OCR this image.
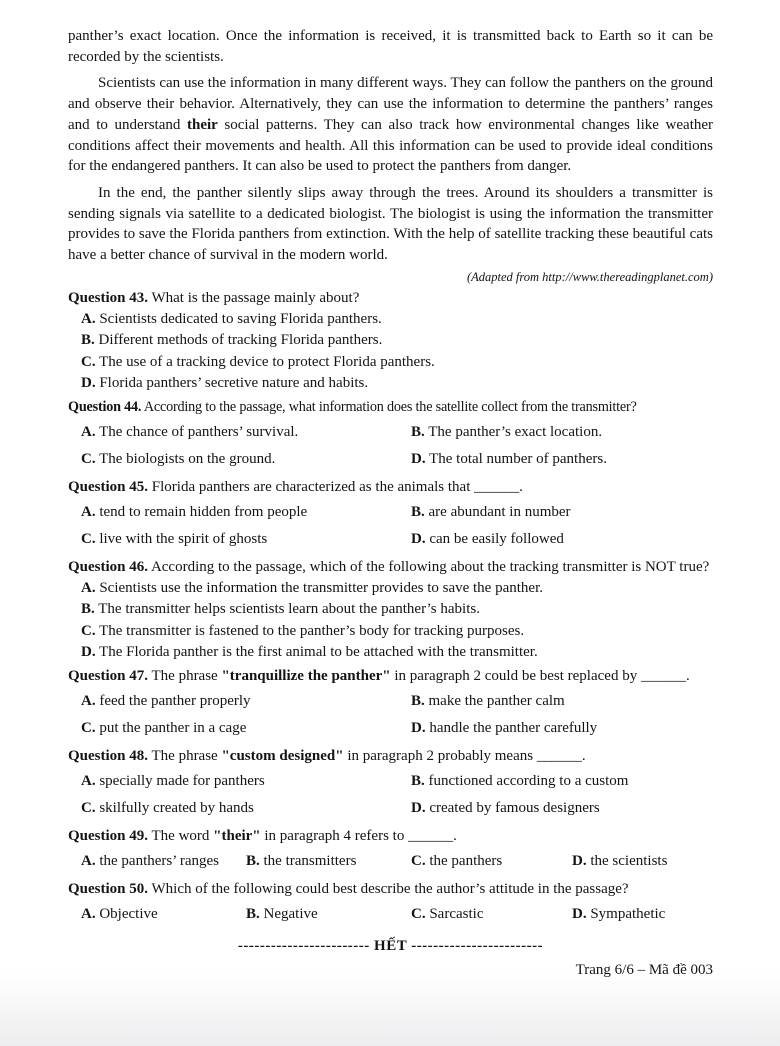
panther’s exact location. Once the information is received, it is transmitted back to Earth so it can be recorded by the scientists.

Scientists can use the information in many different ways. They can follow the panthers on the ground and observe their behavior. Alternatively, they can use the information to determine the panthers’ ranges and to understand their social patterns. They can also track how environmental changes like weather conditions affect their movements and health. All this information can be used to provide ideal conditions for the endangered panthers. It can also be used to protect the panthers from danger.

In the end, the panther silently slips away through the trees. Around its shoulders a transmitter is sending signals via satellite to a dedicated biologist. The biologist is using the information the transmitter provides to save the Florida panthers from extinction. With the help of satellite tracking these beautiful cats have a better chance of survival in the modern world.

(Adapted from http://www.thereadingplanet.com)
Question 43. What is the passage mainly about?
A. Scientists dedicated to saving Florida panthers.
B. Different methods of tracking Florida panthers.
C. The use of a tracking device to protect Florida panthers.
D. Florida panthers’ secretive nature and habits.
Question 44. According to the passage, what information does the satellite collect from the transmitter?
A. The chance of panthers’ survival.	B. The panther’s exact location.
C. The biologists on the ground.	D. The total number of panthers.
Question 45. Florida panthers are characterized as the animals that ______.
A. tend to remain hidden from people	B. are abundant in number
C. live with the spirit of ghosts	D. can be easily followed
Question 46. According to the passage, which of the following about the tracking transmitter is NOT true?
A. Scientists use the information the transmitter provides to save the panther.
B. The transmitter helps scientists learn about the panther’s habits.
C. The transmitter is fastened to the panther’s body for tracking purposes.
D. The Florida panther is the first animal to be attached with the transmitter.
Question 47. The phrase "tranquillize the panther" in paragraph 2 could be best replaced by ______.
A. feed the panther properly	B. make the panther calm
C. put the panther in a cage	D. handle the panther carefully
Question 48. The phrase "custom designed" in paragraph 2 probably means ______.
A. specially made for panthers	B. functioned according to a custom
C. skilfully created by hands	D. created by famous designers
Question 49. The word "their" in paragraph 4 refers to ______.
A. the panthers’ ranges	B. the transmitters	C. the panthers	D. the scientists
Question 50. Which of the following could best describe the author’s attitude in the passage?
A. Objective	B. Negative	C. Sarcastic	D. Sympathetic
------------------------ HẾT ------------------------
Trang 6/6 – Mã đề 003
